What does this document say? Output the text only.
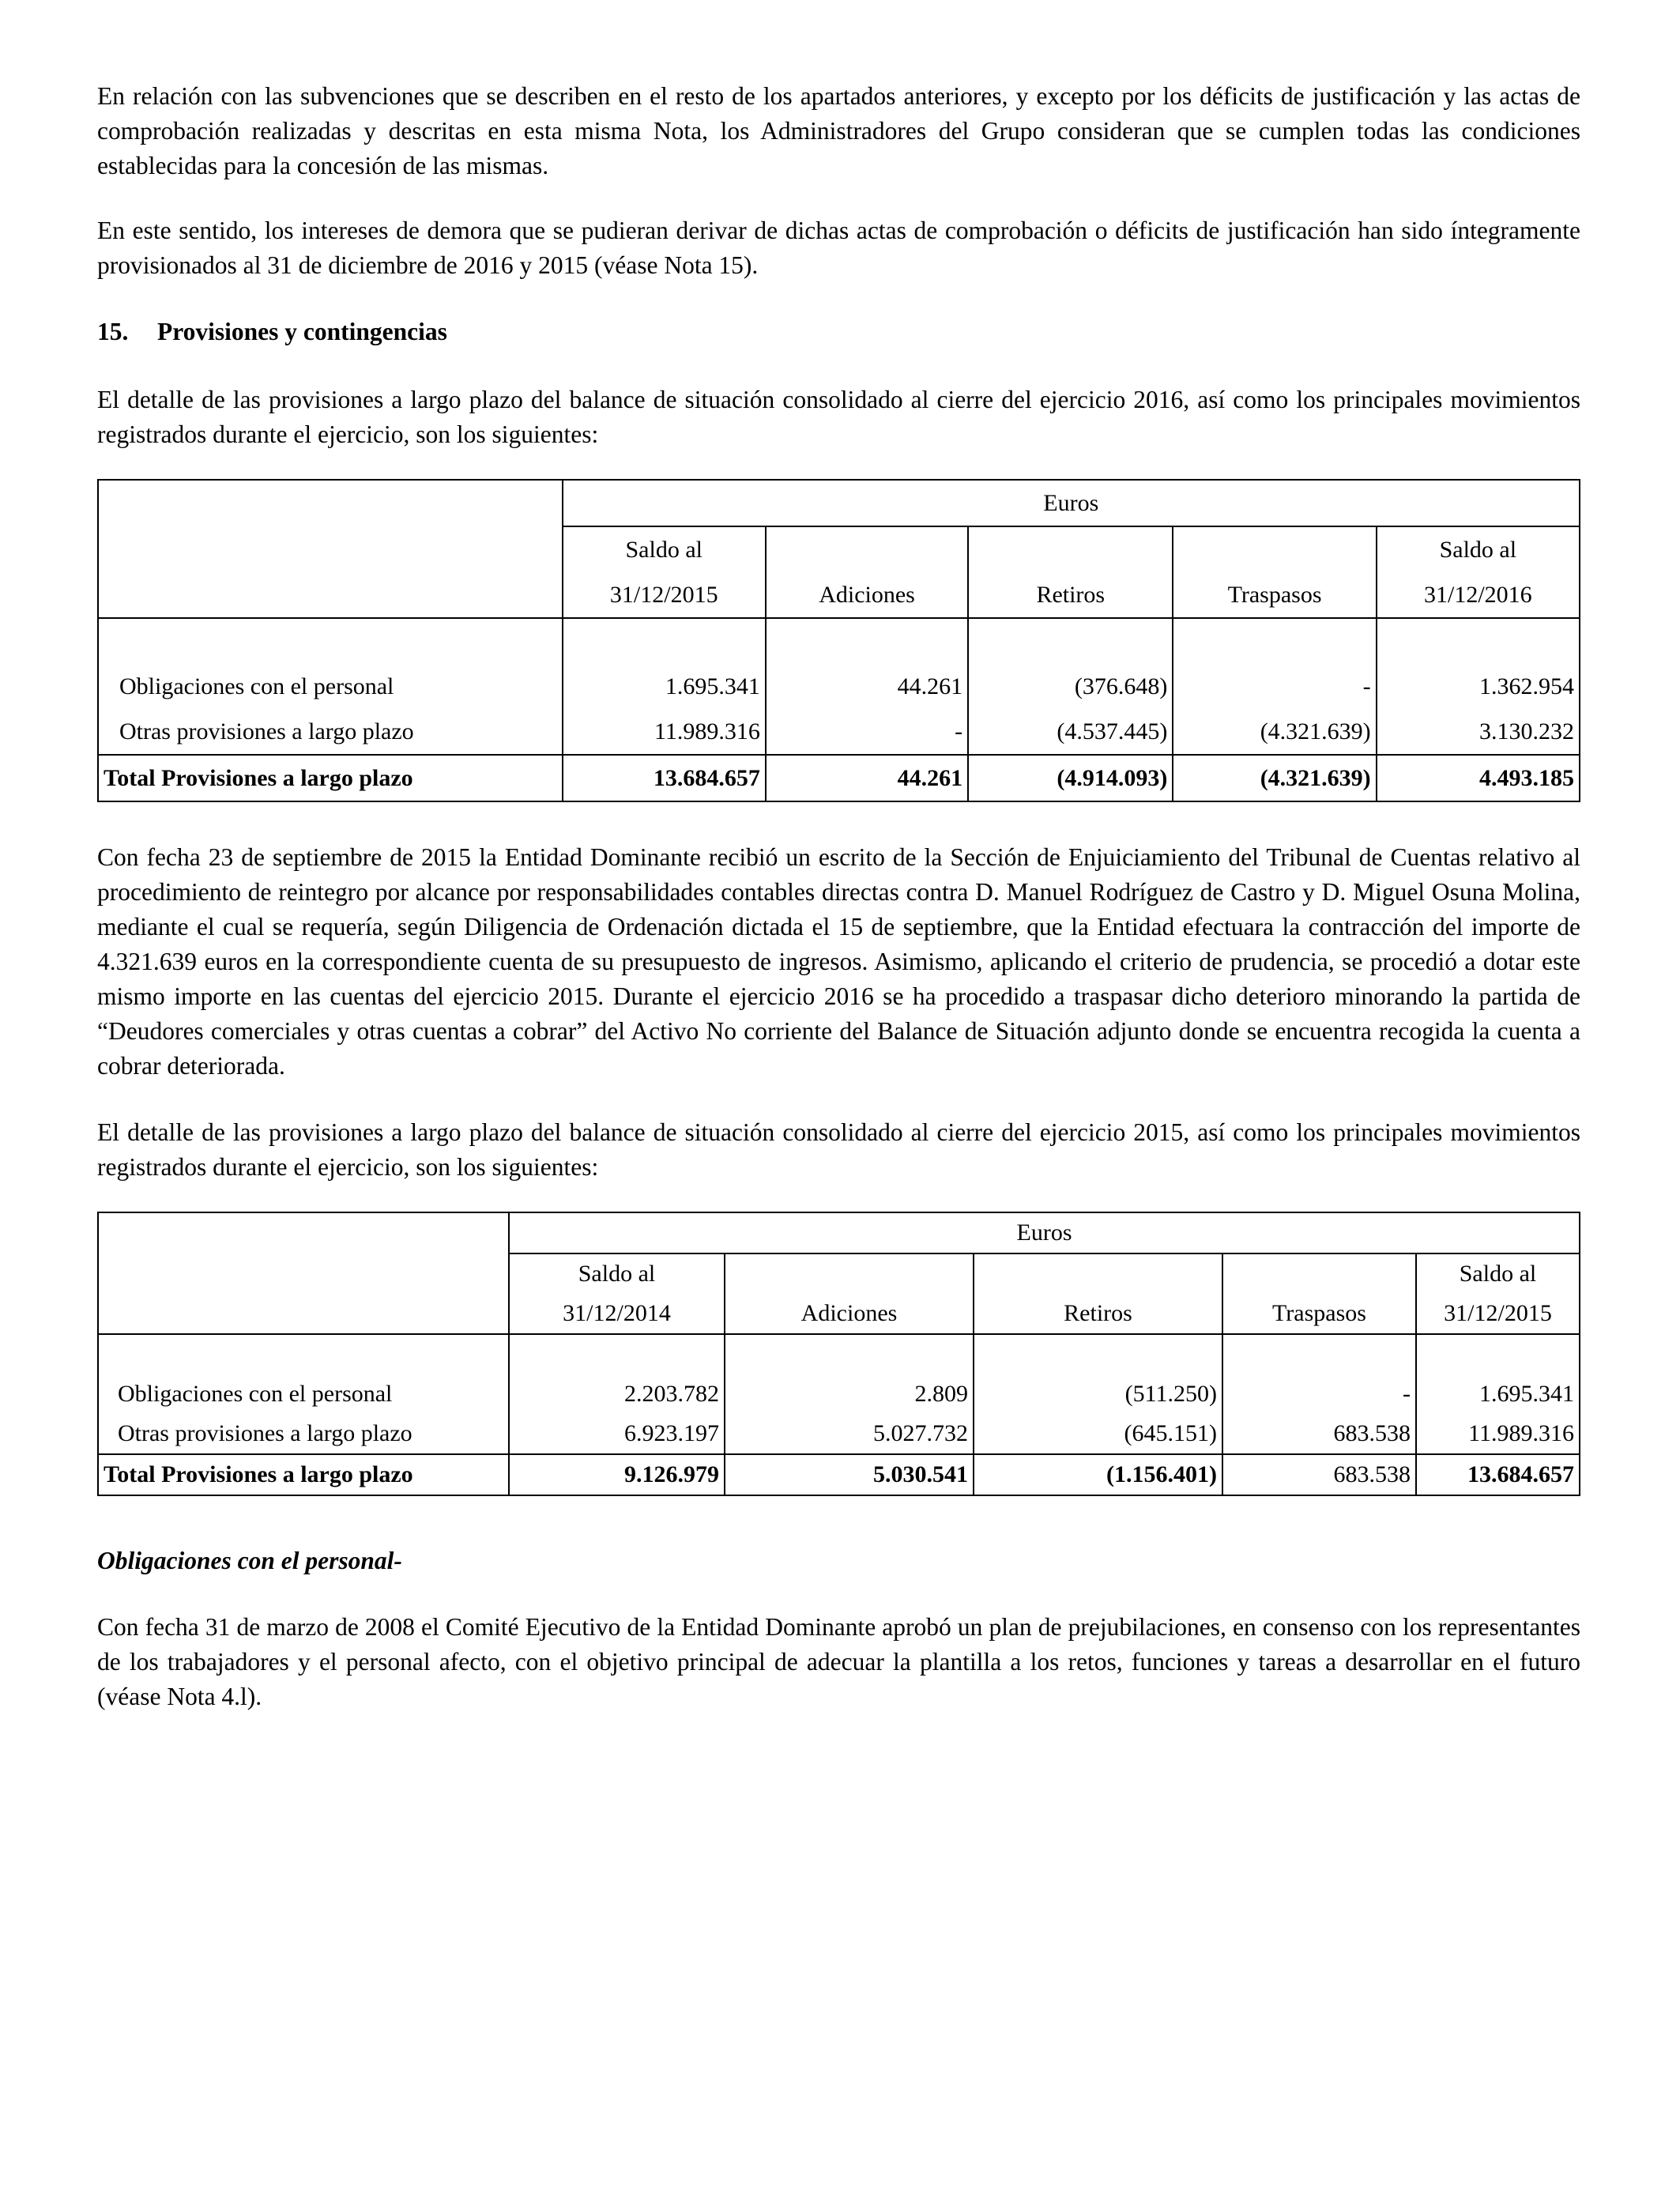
En relación con las subvenciones que se describen en el resto de los apartados anteriores, y excepto por los déficits de justificación y las actas de comprobación realizadas y descritas en esta misma Nota, los Administradores del Grupo consideran que se cumplen todas las condiciones establecidas para la concesión de las mismas.

En este sentido, los intereses de demora que se pudieran derivar de dichas actas de comprobación o déficits de justificación han sido íntegramente provisionados al 31 de diciembre de 2016 y 2015 (véase Nota 15).

15. Provisiones y contingencias

El detalle de las provisiones a largo plazo del balance de situación consolidado al cierre del ejercicio 2016, así como los principales movimientos registrados durante el ejercicio, son los siguientes:

	Euros				
	Saldo al				Saldo al
	31/12/2015	Adiciones	Retiros	Traspasos	31/12/2016

Obligaciones con el personal	1.695.341	44.261	(376.648)	-	1.362.954
Otras provisiones a largo plazo	11.989.316	-	(4.537.445)	(4.321.639)	3.130.232
Total Provisiones a largo plazo	13.684.657	44.261	(4.914.093)	(4.321.639)	4.493.185

Con fecha 23 de septiembre de 2015 la Entidad Dominante recibió un escrito de la Sección de Enjuiciamiento del Tribunal de Cuentas relativo al procedimiento de reintegro por alcance por responsabilidades contables directas contra D. Manuel Rodríguez de Castro y D. Miguel Osuna Molina, mediante el cual se requería, según Diligencia de Ordenación dictada el 15 de septiembre, que la Entidad efectuara la contracción del importe de 4.321.639 euros en la correspondiente cuenta de su presupuesto de ingresos. Asimismo, aplicando el criterio de prudencia, se procedió a dotar este mismo importe en las cuentas del ejercicio 2015. Durante el ejercicio 2016 se ha procedido a traspasar dicho deterioro minorando la partida de “Deudores comerciales y otras cuentas a cobrar” del Activo No corriente del Balance de Situación adjunto donde se encuentra recogida la cuenta a cobrar deteriorada.

El detalle de las provisiones a largo plazo del balance de situación consolidado al cierre del ejercicio 2015, así como los principales movimientos registrados durante el ejercicio, son los siguientes:

	Euros				
	Saldo al				Saldo al
	31/12/2014	Adiciones	Retiros	Traspasos	31/12/2015

Obligaciones con el personal	2.203.782	2.809	(511.250)	-	1.695.341
Otras provisiones a largo plazo	6.923.197	5.027.732	(645.151)	683.538	11.989.316
Total Provisiones a largo plazo	9.126.979	5.030.541	(1.156.401)	683.538	13.684.657
Obligaciones con el personal-

Con fecha 31 de marzo de 2008 el Comité Ejecutivo de la Entidad Dominante aprobó un plan de prejubilaciones, en consenso con los representantes de los trabajadores y el personal afecto, con el objetivo principal de adecuar la plantilla a los retos, funciones y tareas a desarrollar en el futuro (véase Nota 4.l).
